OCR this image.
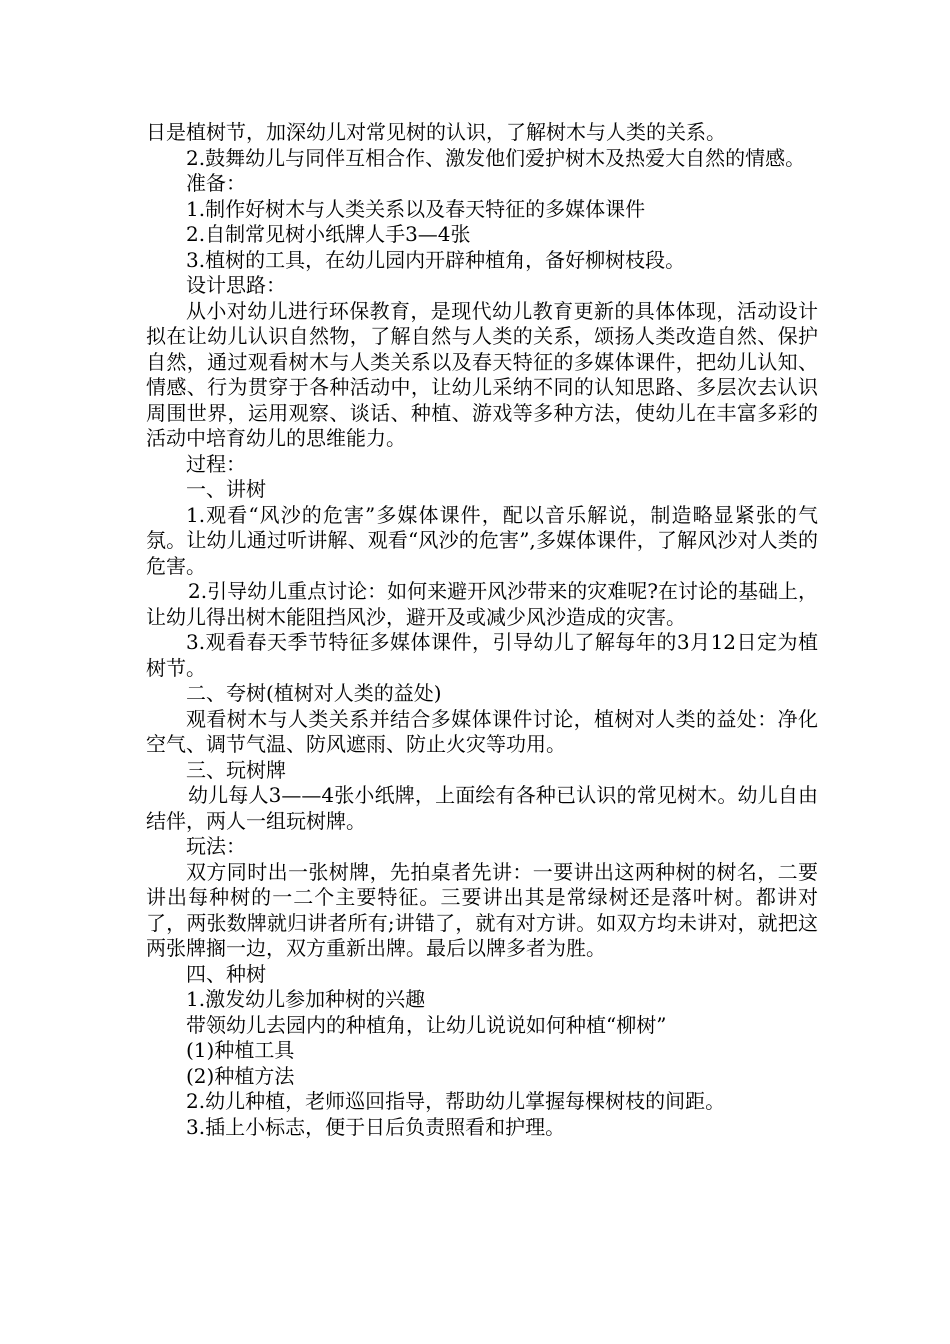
日是植树节，加深幼儿对常见树的认识，了解树木与人类的关系。

2.鼓舞幼儿与同伴互相合作、激发他们爱护树木及热爱大自然的情感。

准备：

1.制作好树木与人类关系以及春天特征的多媒体课件

2.自制常见树小纸牌人手3—4张

3.植树的工具，在幼儿园内开辟种植角，备好柳树枝段。

设计思路：

从小对幼儿进行环保教育，是现代幼儿教育更新的具体体现，活动设计拟在让幼儿认识自然物，了解自然与人类的关系，颂扬人类改造自然、保护自然，通过观看树木与人类关系以及春天特征的多媒体课件，把幼儿认知、情感、行为贯穿于各种活动中，让幼儿采纳不同的认知思路、多层次去认识周围世界，运用观察、谈话、种植、游戏等多种方法，使幼儿在丰富多彩的活动中培育幼儿的思维能力。

过程：

一、讲树

1.观看“风沙的危害”多媒体课件，配以音乐解说，制造略显紧张的气氛。让幼儿通过听讲解、观看“风沙的危害”,多媒体课件，了解风沙对人类的危害。

2.引导幼儿重点讨论：如何来避开风沙带来的灾难呢?在讨论的基础上，让幼儿得出树木能阻挡风沙，避开及或减少风沙造成的灾害。

3.观看春天季节特征多媒体课件，引导幼儿了解每年的3月12日定为植树节。

二、夸树(植树对人类的益处)

观看树木与人类关系并结合多媒体课件讨论，植树对人类的益处：净化空气、调节气温、防风遮雨、防止火灾等功用。

三、玩树牌

幼儿每人3——4张小纸牌，上面绘有各种已认识的常见树木。幼儿自由结伴，两人一组玩树牌。

玩法：

双方同时出一张树牌，先拍桌者先讲：一要讲出这两种树的树名，二要讲出每种树的一二个主要特征。三要讲出其是常绿树还是落叶树。都讲对了，两张数牌就归讲者所有;讲错了，就有对方讲。如双方均未讲对，就把这两张牌搁一边，双方重新出牌。最后以牌多者为胜。

四、种树

1.激发幼儿参加种树的兴趣

带领幼儿去园内的种植角，让幼儿说说如何种植“柳树”

(1)种植工具

(2)种植方法

2.幼儿种植，老师巡回指导，帮助幼儿掌握每棵树枝的间距。

3.插上小标志，便于日后负责照看和护理。
